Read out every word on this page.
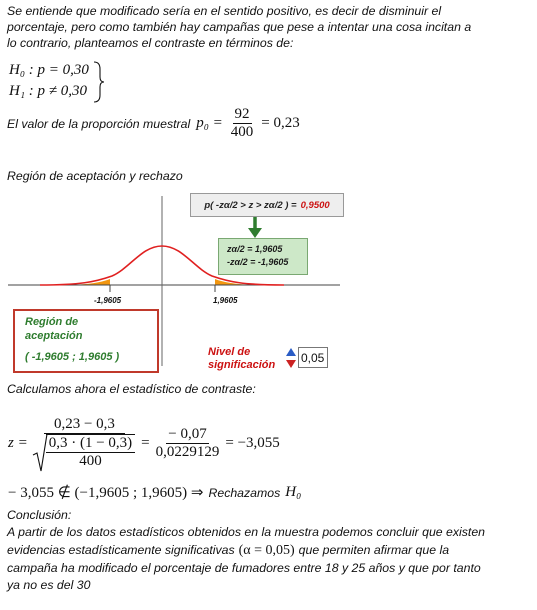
Se entiende que modificado sería en el sentido positivo, es decir de disminuir el
porcentaje, pero como también hay campañas que pese a intentar una cosa incitan a
lo contrario, planteamos el contraste en términos de:
H₀ : p = 0,30
H₁ : p ≠ 0,30
El valor de la proporción muestral $p_0 = \frac{92}{400} = 0,23$
Región de aceptación y rechazo
p( -zα/2 > z > zα/2 ) = 0,9500
zα/2 = 1,9605
-zα/2 = -1,9605
-1,9605	1,9605
Región de
aceptación
( -1,9605 ; 1,9605 )	Nivel de
significación
0,05
Calculamos ahora el estadístico de contraste:
$z = \frac{0,23 - 0,3}{\frac{0,3 \cdot (1 - 0,3)}{400}} = \frac{- 0,07}{0,0229129} = -3,055$
− 3,055 ∉ (−1,9605 ; 1,9605) ⇒ Rechazamos H₀
Conclusión:
A partir de los datos estadísticos obtenidos en la muestra podemos concluir que existen
evidencias estadísticamente significativas (α = 0,05) que permiten afirmar que la
campaña ha modificado el porcentaje de fumadores entre 18 y 25 años y que por tanto
ya no es del 30
